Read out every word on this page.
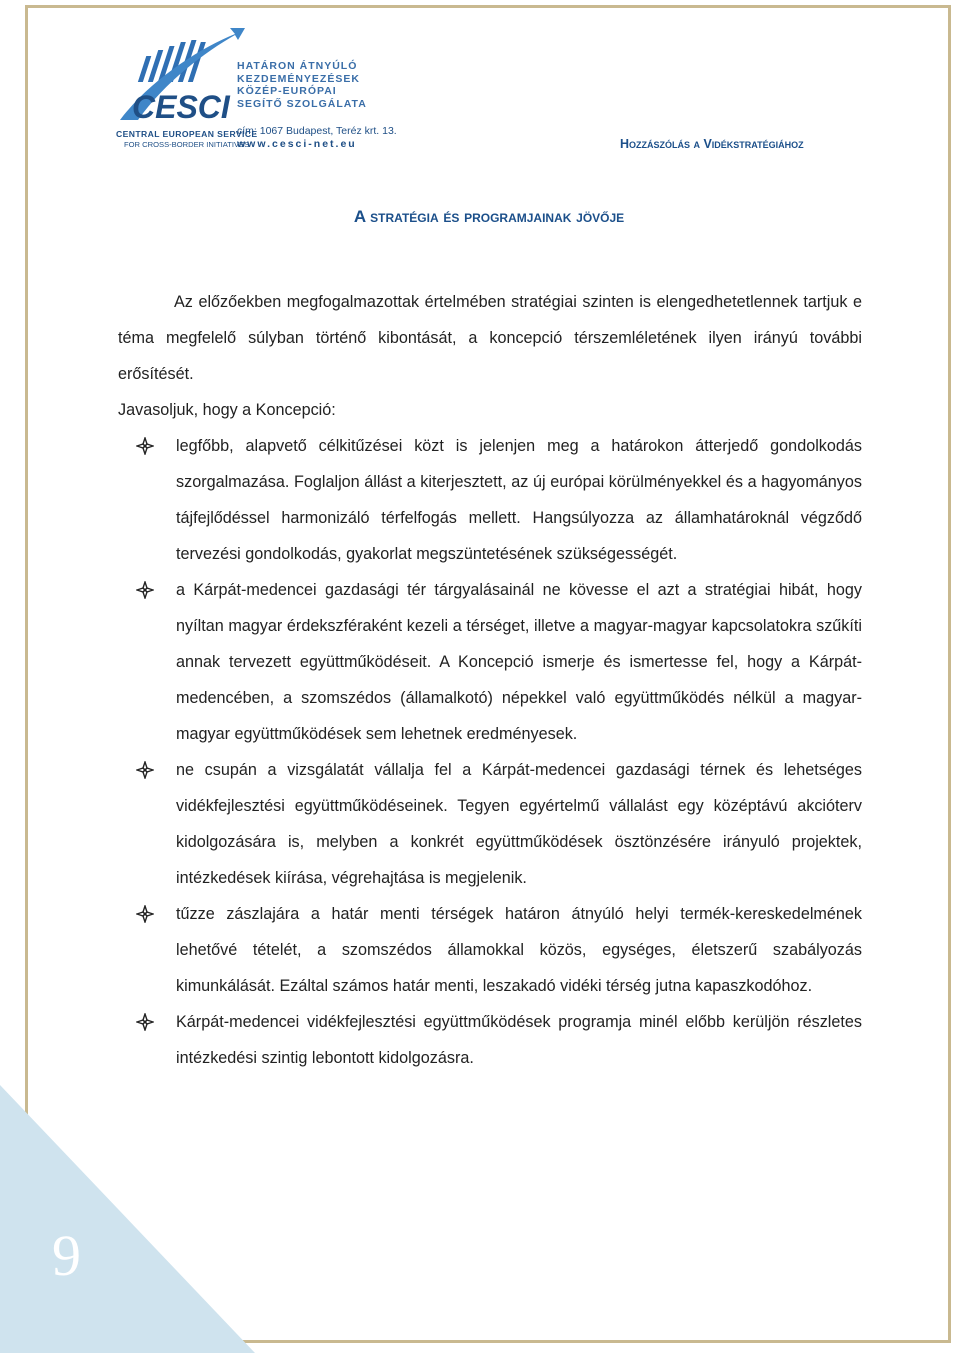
9
CESCI
HATÁRON ÁTNYÚLÓ
KEZDEMÉNYEZÉSEK
KÖZÉP-EURÓPAI
SEGÍTŐ SZOLGÁLATA
cím: 1067 Budapest, Teréz krt. 13.
www.cesci-net.eu
CENTRAL EUROPEAN SERVICE
FOR CROSS-BORDER INITIATIVES	Hozzászólás a Vidékstratégiához
A stratégia és programjainak jövője

Az előzőekben megfogalmazottak értelmében stratégiai szinten is elengedhetetlennek tartjuk e téma megfelelő súlyban történő kibontását, a koncepció térszemléletének ilyen irányú további erősítését.

Javasoljuk, hogy a Koncepció:

legfőbb, alapvető célkitűzései közt is jelenjen meg a határokon átterjedő gondolkodás szorgalmazása. Foglaljon állást a kiterjesztett, az új európai körülményekkel és a hagyományos tájfejlődéssel harmonizáló térfelfogás mellett. Hangsúlyozza az államhatároknál végződő tervezési gondolkodás, gyakorlat megszüntetésének szükségességét.
a Kárpát-medencei gazdasági tér tárgyalásainál ne kövesse el azt a stratégiai hibát, hogy nyíltan magyar érdekszféraként kezeli a térséget, illetve a magyar-magyar kapcsolatokra szűkíti annak tervezett együttműködéseit. A Koncepció ismerje és ismertesse fel, hogy a Kárpát-medencében, a szomszédos (államalkotó) népekkel való együttműködés nélkül a magyar-magyar együttműködések sem lehetnek eredményesek.
ne csupán a vizsgálatát vállalja fel a Kárpát-medencei gazdasági térnek és lehetséges vidékfejlesztési együttműködéseinek. Tegyen egyértelmű vállalást egy középtávú akcióterv kidolgozására is, melyben a konkrét együttműködések ösztönzésére irányuló projektek, intézkedések kiírása, végrehajtása is megjelenik.
tűzze zászlajára a határ menti térségek határon átnyúló helyi termék-kereskedelmének lehetővé tételét, a szomszédos államokkal közös, egységes, életszerű szabályozás kimunkálását. Ezáltal számos határ menti, leszakadó vidéki térség jutna kapaszkodóhoz.
Kárpát-medencei vidékfejlesztési együttműködések programja minél előbb kerüljön részletes intézkedési szintig lebontott kidolgozásra.
